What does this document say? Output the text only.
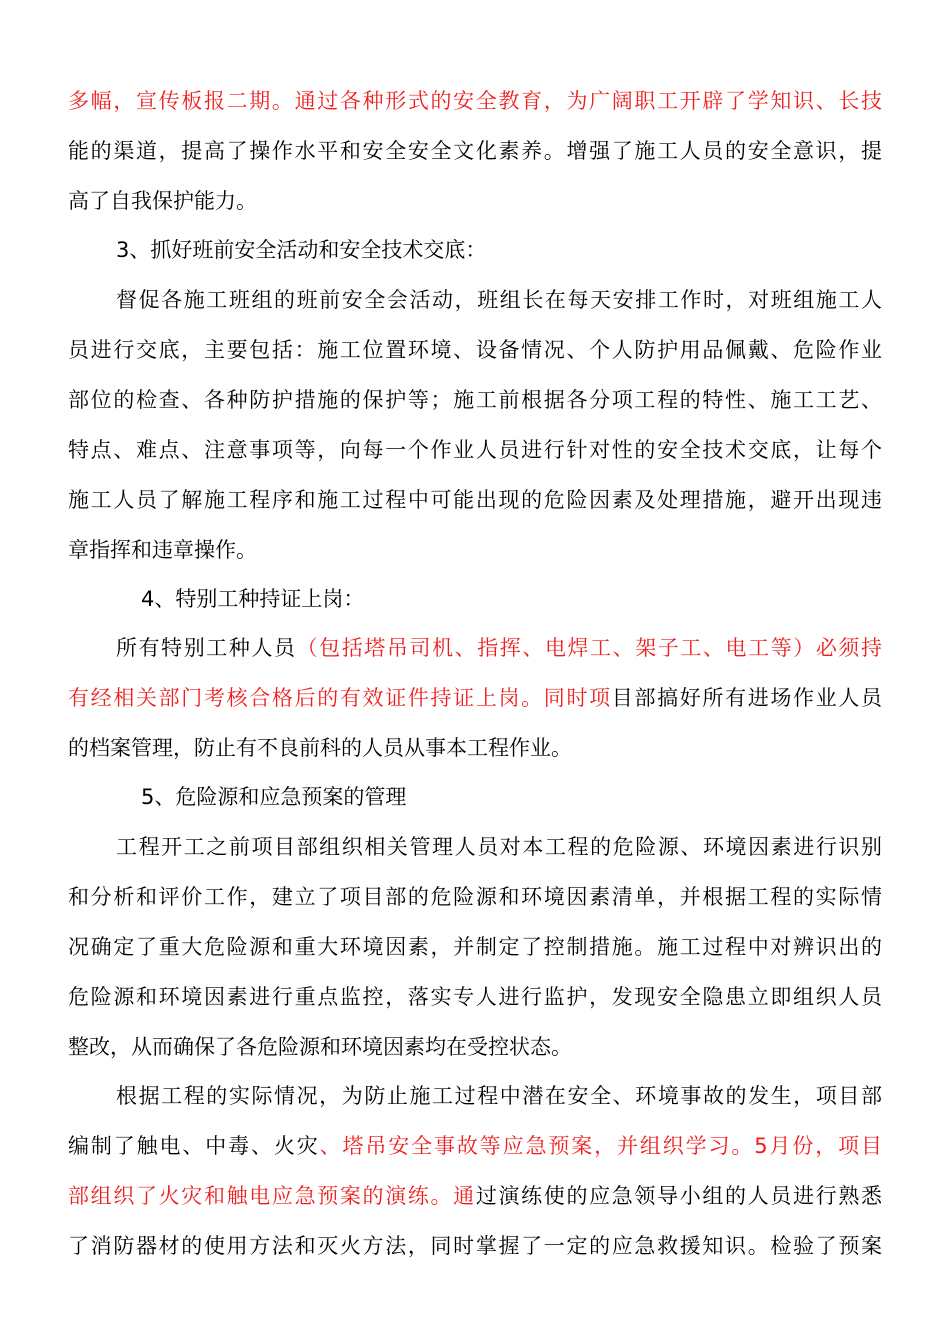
多幅，宣传板报二期。通过各种形式的安全教育，为广阔职工开辟了学知识、长技
能的渠道，提高了操作水平和安全安全文化素养。增强了施工人员的安全意识，提
高了自我保护能力。
3、抓好班前安全活动和安全技术交底：
督促各施工班组的班前安全会活动，班组长在每天安排工作时，对班组施工人
员进行交底，主要包括：施工位置环境、设备情况、个人防护用品佩戴、危险作业
部位的检查、各种防护措施的保护等；施工前根据各分项工程的特性、施工工艺、
特点、难点、注意事项等，向每一个作业人员进行针对性的安全技术交底，让每个
施工人员了解施工程序和施工过程中可能出现的危险因素及处理措施，避开出现违
章指挥和违章操作。
4、特别工种持证上岗：
所有特别工种人员（包括塔吊司机、指挥、电焊工、架子工、电工等）必须持
有经相关部门考核合格后的有效证件持证上岗。同时项目部搞好所有进场作业人员
的档案管理，防止有不良前科的人员从事本工程作业。
5、危险源和应急预案的管理
工程开工之前项目部组织相关管理人员对本工程的危险源、环境因素进行识别
和分析和评价工作，建立了项目部的危险源和环境因素清单，并根据工程的实际情
况确定了重大危险源和重大环境因素，并制定了控制措施。施工过程中对辨识出的
危险源和环境因素进行重点监控，落实专人进行监护，发现安全隐患立即组织人员
整改，从而确保了各危险源和环境因素均在受控状态。
根据工程的实际情况，为防止施工过程中潜在安全、环境事故的发生，项目部
编制了触电、中毒、火灾、塔吊安全事故等应急预案，并组织学习。5月份，项目
部组织了火灾和触电应急预案的演练。通过演练使的应急领导小组的人员进行熟悉
了消防器材的使用方法和灭火方法，同时掌握了一定的应急救援知识。检验了预案
